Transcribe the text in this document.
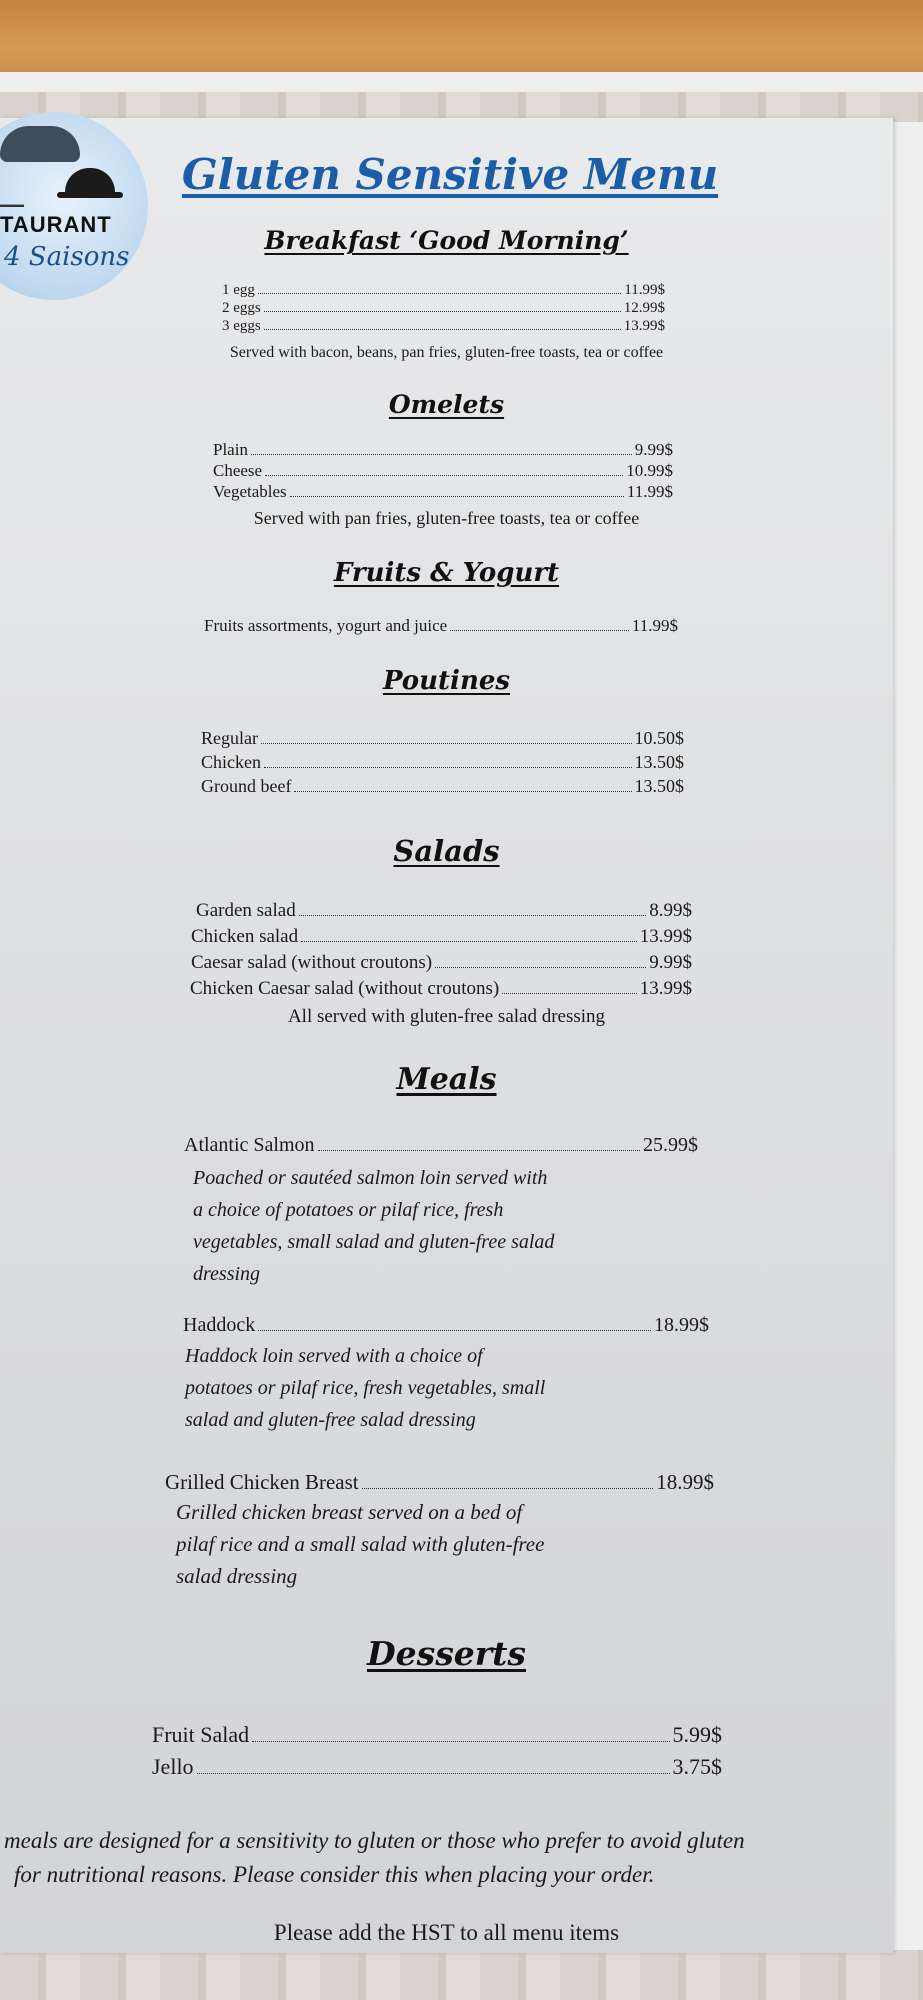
▬▬▬
TAURANT
4 Saisons
Gluten Sensitive Menu
Breakfast ‘Good Morning’
1 egg	11.99$
2 eggs	12.99$
3 eggs	13.99$
Served with bacon, beans, pan fries, gluten-free toasts, tea or coffee
Omelets
Plain	9.99$
Cheese	10.99$
Vegetables	11.99$
Served with pan fries, gluten-free toasts, tea or coffee
Fruits & Yogurt
Fruits assortments, yogurt and juice	11.99$
Poutines
Regular	10.50$
Chicken	13.50$
Ground beef	13.50$
Salads
Garden salad	8.99$
Chicken salad	13.99$
Caesar salad (without croutons)	9.99$
Chicken Caesar salad (without croutons)	13.99$
All served with gluten-free salad dressing
Meals
Atlantic Salmon	25.99$
Poached or sautéed salmon loin served with
a choice of potatoes or pilaf rice, fresh
vegetables, small salad and gluten-free salad
dressing
Haddock	18.99$
Haddock loin served with a choice of
potatoes or pilaf rice, fresh vegetables, small
salad and gluten-free salad dressing
Grilled Chicken Breast	18.99$
Grilled chicken breast served on a bed of
pilaf rice and a small salad with gluten-free
salad dressing
Desserts
Fruit Salad	5.99$
Jello	3.75$
meals are designed for a sensitivity to gluten or those who prefer to avoid gluten
for nutritional reasons. Please consider this when placing your order.
Please add the HST to all menu items
